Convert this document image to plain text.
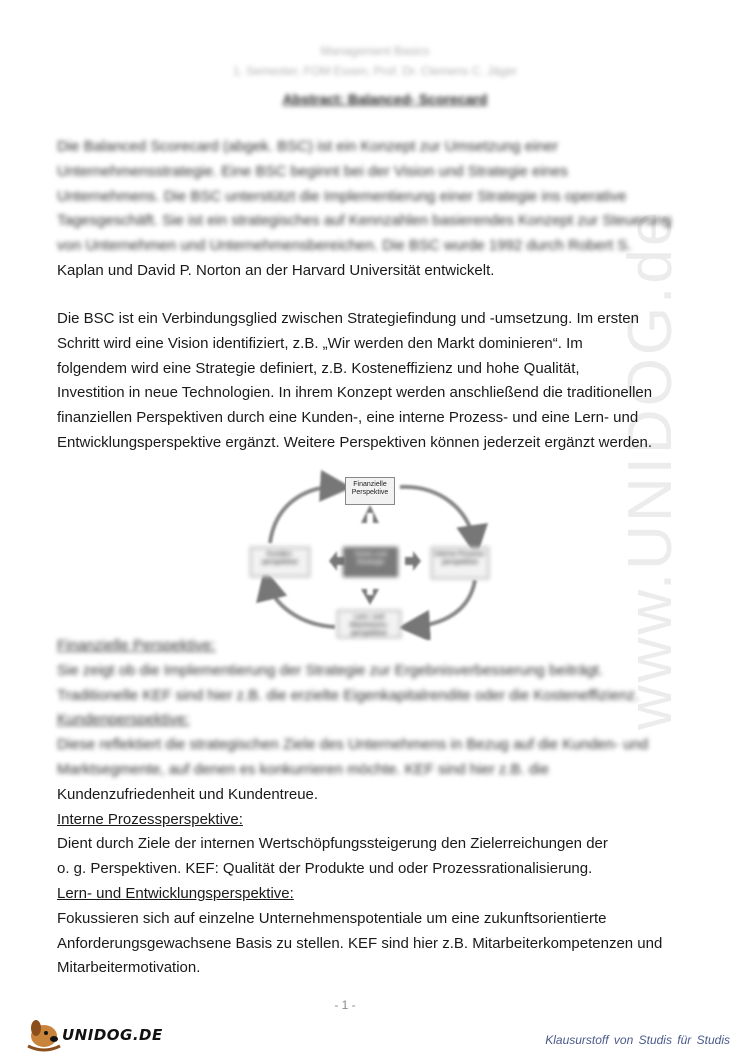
www.UNIDOG.de
Management Basics
1. Semester, FOM Essen, Prof. Dr. Clemens C. Jäger
Abstract: Balanced- Scorecard
Die Balanced Scorecard (abgek. BSC) ist ein Konzept zur Umsetzung einer
Unternehmensstrategie. Eine BSC beginnt bei der Vision und Strategie eines
Unternehmens. Die BSC unterstützt die Implementierung einer Strategie ins operative
Tagesgeschäft. Sie ist ein strategisches auf Kennzahlen basierendes Konzept zur Steuerung
von Unternehmen und Unternehmensbereichen. Die BSC wurde 1992 durch Robert S.
Kaplan und David P. Norton an der Harvard Universität entwickelt.
Die BSC ist ein Verbindungsglied zwischen Strategiefindung und -umsetzung. Im ersten
Schritt wird eine Vision identifiziert, z.B. „Wir werden den Markt dominieren“. Im
folgendem wird eine Strategie definiert, z.B. Kosteneffizienz und hohe Qualität,
Investition in neue Technologien. In ihrem Konzept werden anschließend die traditionellen
finanziellen Perspektiven durch eine Kunden-, eine interne Prozess- und eine Lern- und
Entwicklungsperspektive ergänzt. Weitere Perspektiven können jederzeit ergänzt werden.
Finanzielle Perspektive
Kunden-
perspektive
Vision und Strategie
Interne Prozess-
perspektive
Lern- und Wachstums-
perspektive
Finanzielle Perspektive:
Sie zeigt ob die Implementierung der Strategie zur Ergebnisverbesserung beiträgt.
Traditionelle KEF sind hier z.B. die erzielte Eigenkapitalrendite oder die Kosteneffizienz.
Kundenperspektive:
Diese reflektiert die strategischen Ziele des Unternehmens in Bezug auf die Kunden- und
Marktsegmente, auf denen es konkurrieren möchte. KEF sind hier z.B. die
Kundenzufriedenheit und Kundentreue.
Interne Prozessperspektive:
Dient durch Ziele der internen Wertschöpfungssteigerung den Zielerreichungen der
o. g. Perspektiven. KEF: Qualität der Produkte und oder Prozessrationalisierung.
Lern- und Entwicklungsperspektive:
Fokussieren sich auf einzelne Unternehmenspotentiale um eine zukunftsorientierte
Anforderungsgewachsene Basis zu stellen. KEF sind hier z.B. Mitarbeiterkompetenzen und
Mitarbeitermotivation.
- 1 -
UNIDOG.DE	Klausurstoff von Studis für Studis
